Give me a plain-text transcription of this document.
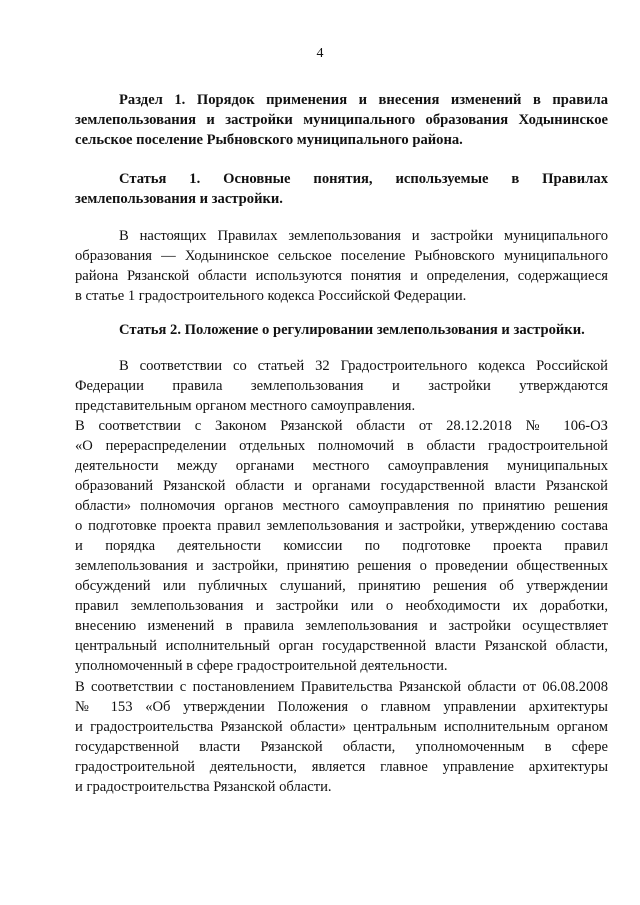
4
Раздел 1. Порядок применения и внесения изменений в правила
землепользования и застройки муниципального образования Ходынинское
сельское поселение Рыбновского муниципального района.
Статья 1. Основные понятия, используемые в Правилах
землепользования и застройки.
В настоящих Правилах землепользования и застройки муниципального
образования — Ходынинское сельское поселение Рыбновского муниципального
района Рязанской области используются понятия и определения, содержащиеся
в статье 1 градостроительного кодекса Российской Федерации.
Статья 2. Положение о регулировании землепользования и застройки.
В соответствии со статьей 32 Градостроительного кодекса Российской
Федерации правила землепользования и застройки утверждаются
представительным органом местного самоуправления.
В соответствии с Законом Рязанской области от 28.12.2018 № 106-ОЗ
«О перераспределении отдельных полномочий в области градостроительной
деятельности между органами местного самоуправления муниципальных
образований Рязанской области и органами государственной власти Рязанской
области» полномочия органов местного самоуправления по принятию решения
о подготовке проекта правил землепользования и застройки, утверждению состава
и порядка деятельности комиссии по подготовке проекта правил
землепользования и застройки, принятию решения о проведении общественных
обсуждений или публичных слушаний, принятию решения об утверждении
правил землепользования и застройки или о необходимости их доработки,
внесению изменений в правила землепользования и застройки осуществляет
центральный исполнительный орган государственной власти Рязанской области,
уполномоченный в сфере градостроительной деятельности.
В соответствии с постановлением Правительства Рязанской области от 06.08.2008
№ 153 «Об утверждении Положения о главном управлении архитектуры
и градостроительства Рязанской области» центральным исполнительным органом
государственной власти Рязанской области, уполномоченным в сфере
градостроительной деятельности, является главное управление архитектуры
и градостроительства Рязанской области.
